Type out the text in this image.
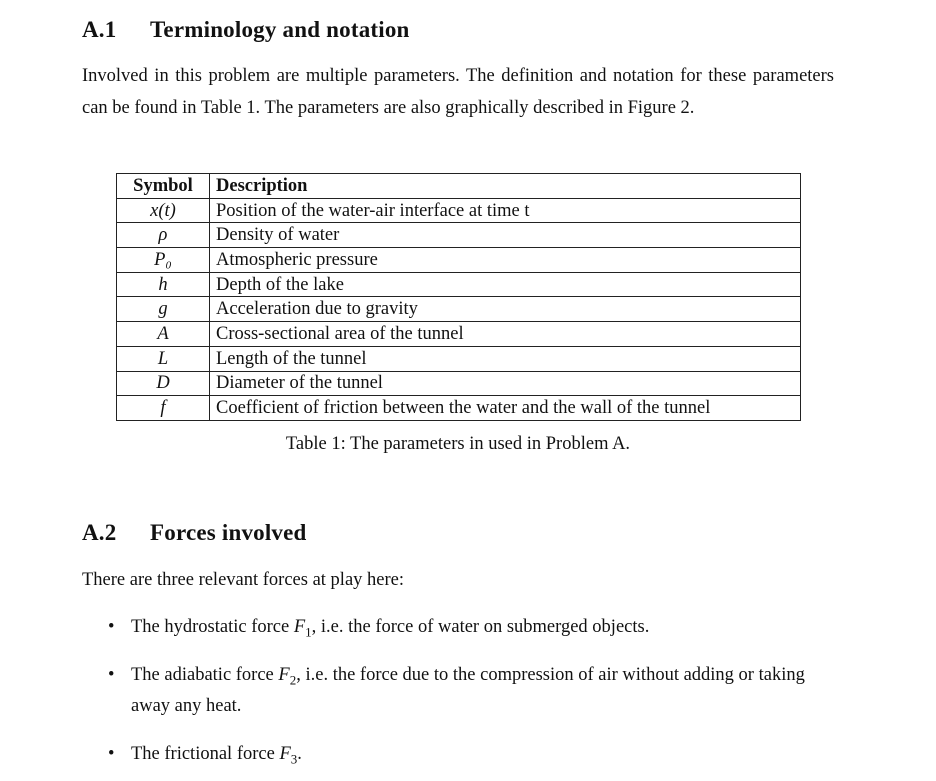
A.1 Terminology and notation

Involved in this problem are multiple parameters. The definition and notation for these parameters can be found in Table 1. The parameters are also graphically described in Figure 2.

Symbol	Description
x(t)	Position of the water-air interface at time t
ρ	Density of water
P₀	Atmospheric pressure
h	Depth of the lake
g	Acceleration due to gravity
A	Cross-sectional area of the tunnel
L	Length of the tunnel
D	Diameter of the tunnel
f	Coefficient of friction between the water and the wall of the tunnel
Table 1: The parameters in used in Problem A.
A.2 Forces involved

There are three relevant forces at play here:

• The hydrostatic force $F_1$, i.e. the force of water on submerged objects.
• The adiabatic force $F_2$, i.e. the force due to the compression of air without adding or taking away any heat.
• The frictional force $F_3$.
